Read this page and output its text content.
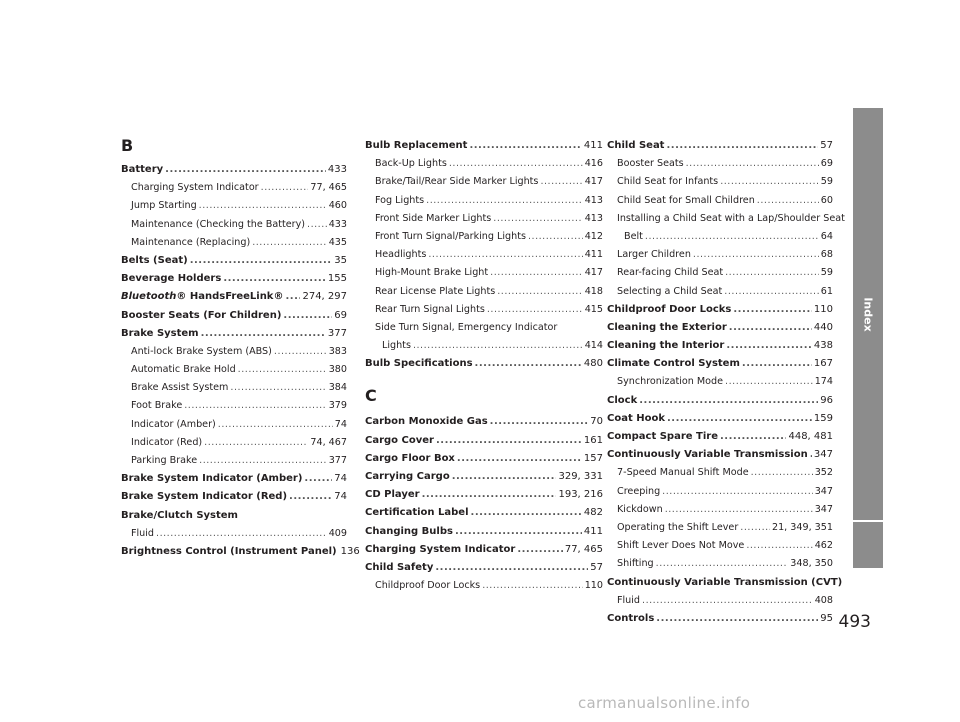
B
Battery .....	433
Charging System Indicator .....	77, 465
Jump Starting .....	460
Maintenance (Checking the Battery) ..... 433
Maintenance (Replacing) .....	435
Belts (Seat) .....	35
Beverage Holders .....	155
Bluetooth® HandsFreeLink® ..... 274, 297
Booster Seats (For Children) .....	69
Brake System .....	377
Anti-lock Brake System (ABS) .....	383
Automatic Brake Hold .....	380
Brake Assist System .....	384
Foot Brake .....	379
Indicator (Amber) .....	74
Indicator (Red) .....	74, 467
Parking Brake .....	377
Brake System Indicator (Amber) .....	74
Brake System Indicator (Red) .....	74
Brake/Clutch System
Fluid .....	409
Brightness Control (Instrument Panel) 136
Bulb Replacement .....	411
Back-Up Lights .....	416
Brake/Tail/Rear Side Marker Lights .....	417
Fog Lights .....	413
Front Side Marker Lights .....	413
Front Turn Signal/Parking Lights .....	412
Headlights .....	411
High-Mount Brake Light .....	417
Rear License Plate Lights .....	418
Rear Turn Signal Lights .....	415
Side Turn Signal, Emergency Indicator
Lights .....	414
Bulb Specifications .....	480
C
Carbon Monoxide Gas .....	70
Cargo Cover .....	161
Cargo Floor Box .....	157
Carrying Cargo .....	329, 331
CD Player .....	193, 216
Certification Label .....	482
Changing Bulbs .....	411
Charging System Indicator .....	77, 465
Child Safety .....	57
Childproof Door Locks .....	110
Child Seat .....	57
Booster Seats .....	69
Child Seat for Infants .....	59
Child Seat for Small Children .....	60
Installing a Child Seat with a Lap/Shoulder Seat
Belt .....	64
Larger Children .....	68
Rear-facing Child Seat .....	59
Selecting a Child Seat .....	61
Childproof Door Locks .....	110
Cleaning the Exterior .....	440
Cleaning the Interior .....	438
Climate Control System .....	167
Synchronization Mode .....	174
Clock .....	96
Coat Hook .....	159
Compact Spare Tire .....	448, 481
Continuously Variable Transmission ..... 347
7-Speed Manual Shift Mode .....	352
Creeping .....	347
Kickdown .....	347
Operating the Shift Lever .....	21, 349, 351
Shift Lever Does Not Move .....	462
Shifting .....	348, 350
Continuously Variable Transmission (CVT)
Fluid .....	408
Controls .....	95
Index
493
carmanualsonline.info
